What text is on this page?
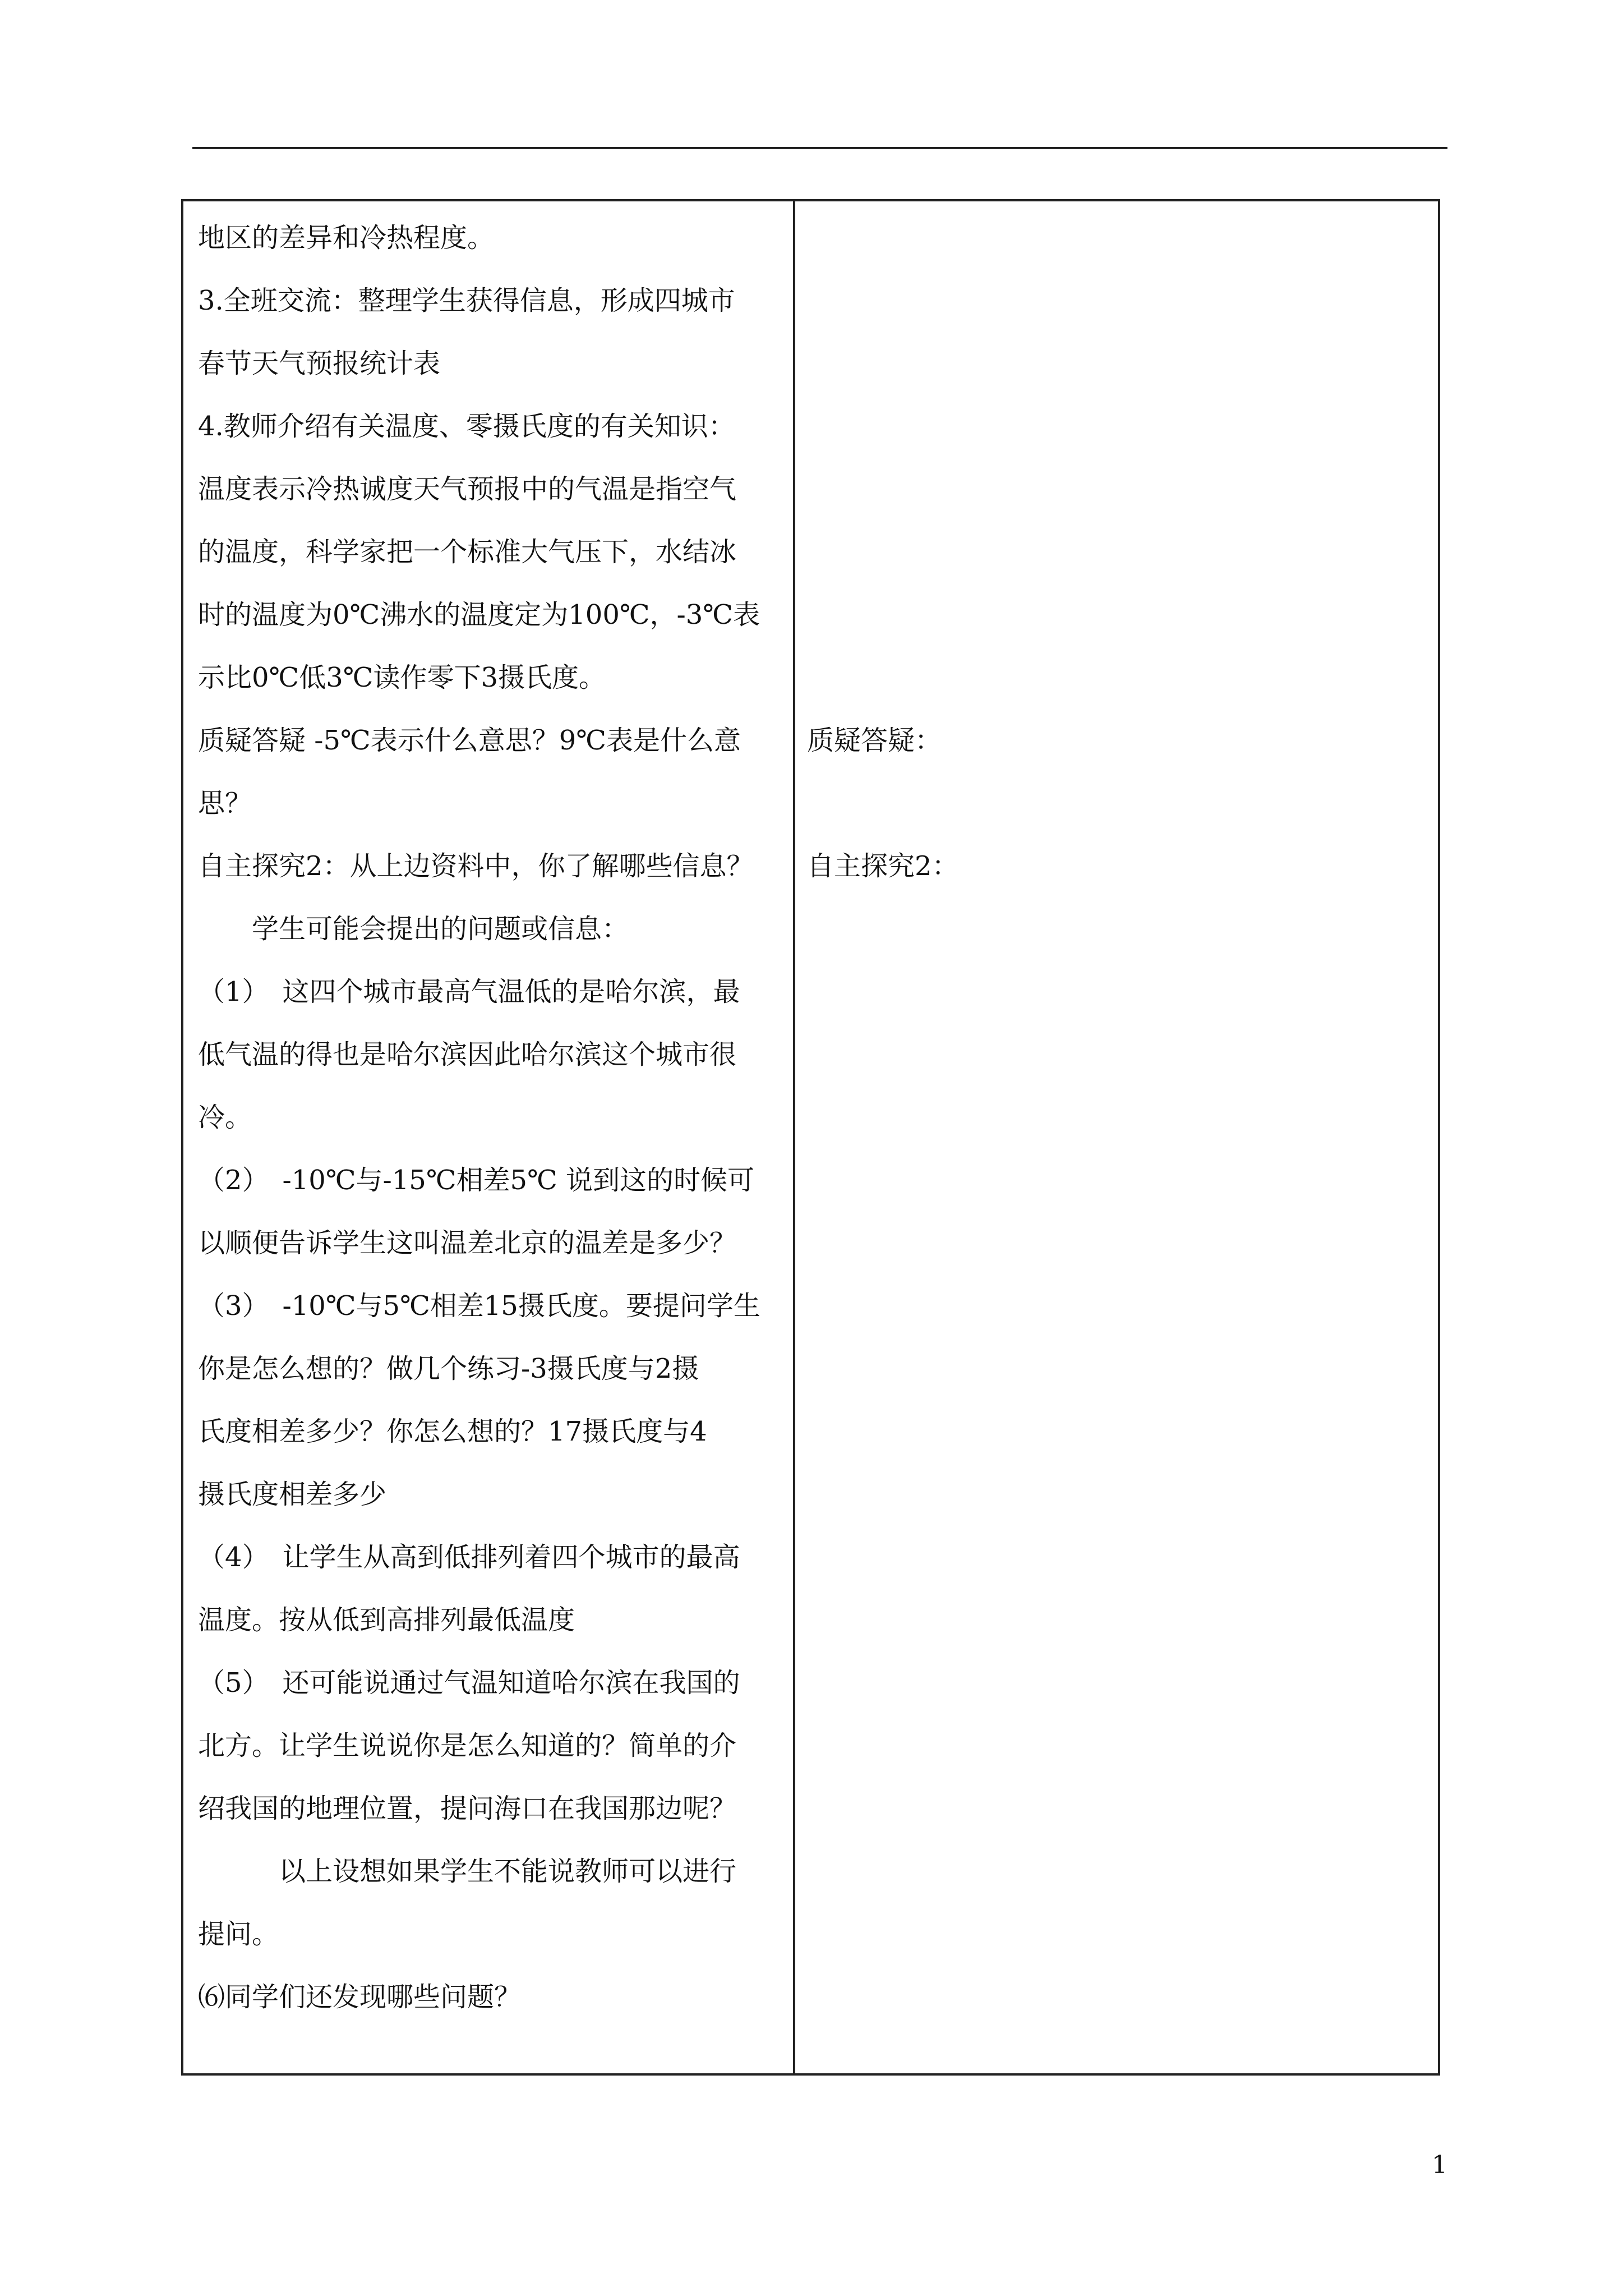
地区的差异和冷热程度。
3.全班交流：整理学生获得信息，形成四城市
春节天气预报统计表
4.教师介绍有关温度、零摄氏度的有关知识：
温度表示冷热诚度天气预报中的气温是指空气
的温度，科学家把一个标准大气压下，水结冰
时的温度为0℃沸水的温度定为100℃，-3℃表
示比0℃低3℃读作零下3摄氏度。
质疑答疑 -5℃表示什么意思？9℃表是什么意
思？
自主探究2：从上边资料中，你了解哪些信息？
　　学生可能会提出的问题或信息：
（1）　这四个城市最高气温低的是哈尔滨，最
低气温的得也是哈尔滨因此哈尔滨这个城市很
冷。
（2）　-10℃与-15℃相差5℃ 说到这的时候可
以顺便告诉学生这叫温差北京的温差是多少？
（3）　-10℃与5℃相差15摄氏度。要提问学生
你是怎么想的？做几个练习-3摄氏度与2摄
氏度相差多少？你怎么想的？17摄氏度与4
摄氏度相差多少
（4）　让学生从高到低排列着四个城市的最高
温度。按从低到高排列最低温度
（5）　还可能说通过气温知道哈尔滨在我国的
北方。让学生说说你是怎么知道的？简单的介
绍我国的地理位置，提问海口在我国那边呢？
　　　以上设想如果学生不能说教师可以进行
提问。
⑹同学们还发现哪些问题？
质疑答疑：
自主探究2：
1
